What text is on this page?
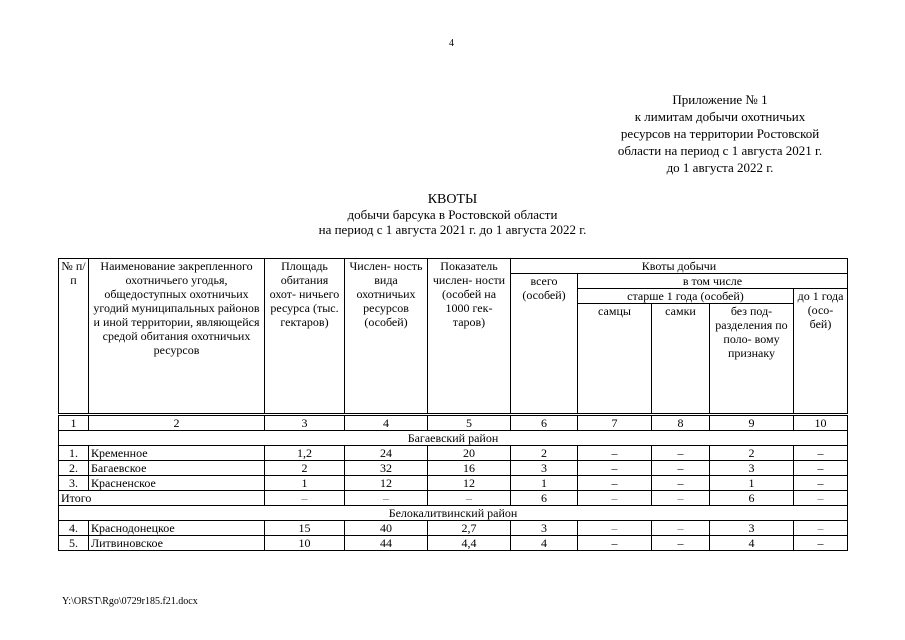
4
Приложение № 1
к лимитам добычи охотничьих
ресурсов на территории Ростовской
области на период с 1 августа 2021 г.
до 1 августа 2022 г.
КВОТЫ
добычи барсука в Ростовской области
на период с 1 августа 2021 г. до 1 августа 2022 г.
№ п/п	Наименование закрепленного охотничьего угодья, общедоступных охотничьих угодий муниципальных районов и иной территории, являющейся средой обитания охотничьих ресурсов	Площадь обитания охот- ничьего ресурса (тыс. гектаров)	Числен- ность вида охотничьих ресурсов (особей)	Показатель числен- ности (особей на 1000 гек- таров)	Квоты добычи				
					всего (особей)	в том числе			
						старше 1 года (особей)			до 1 года (осо- бей)
						самцы	самки	без под- разделения по поло- вому признаку	
1	2	3	4	5	6	7	8	9	10
Багаевский район									
1.	Кременное	1,2	24	20	2	–	–	2	–
2.	Багаевское	2	32	16	3	–	–	3	–
3.	Красненское	1	12	12	1	–	–	1	–
Итого		–	–	–	6	–	–	6	–
Белокалитвинский район									
4.	Краснодонецкое	15	40	2,7	3	–	–	3	–
5.	Литвиновское	10	44	4,4	4	–	–	4	–
Y:\ORST\Rgo\0729r185.f21.docx
